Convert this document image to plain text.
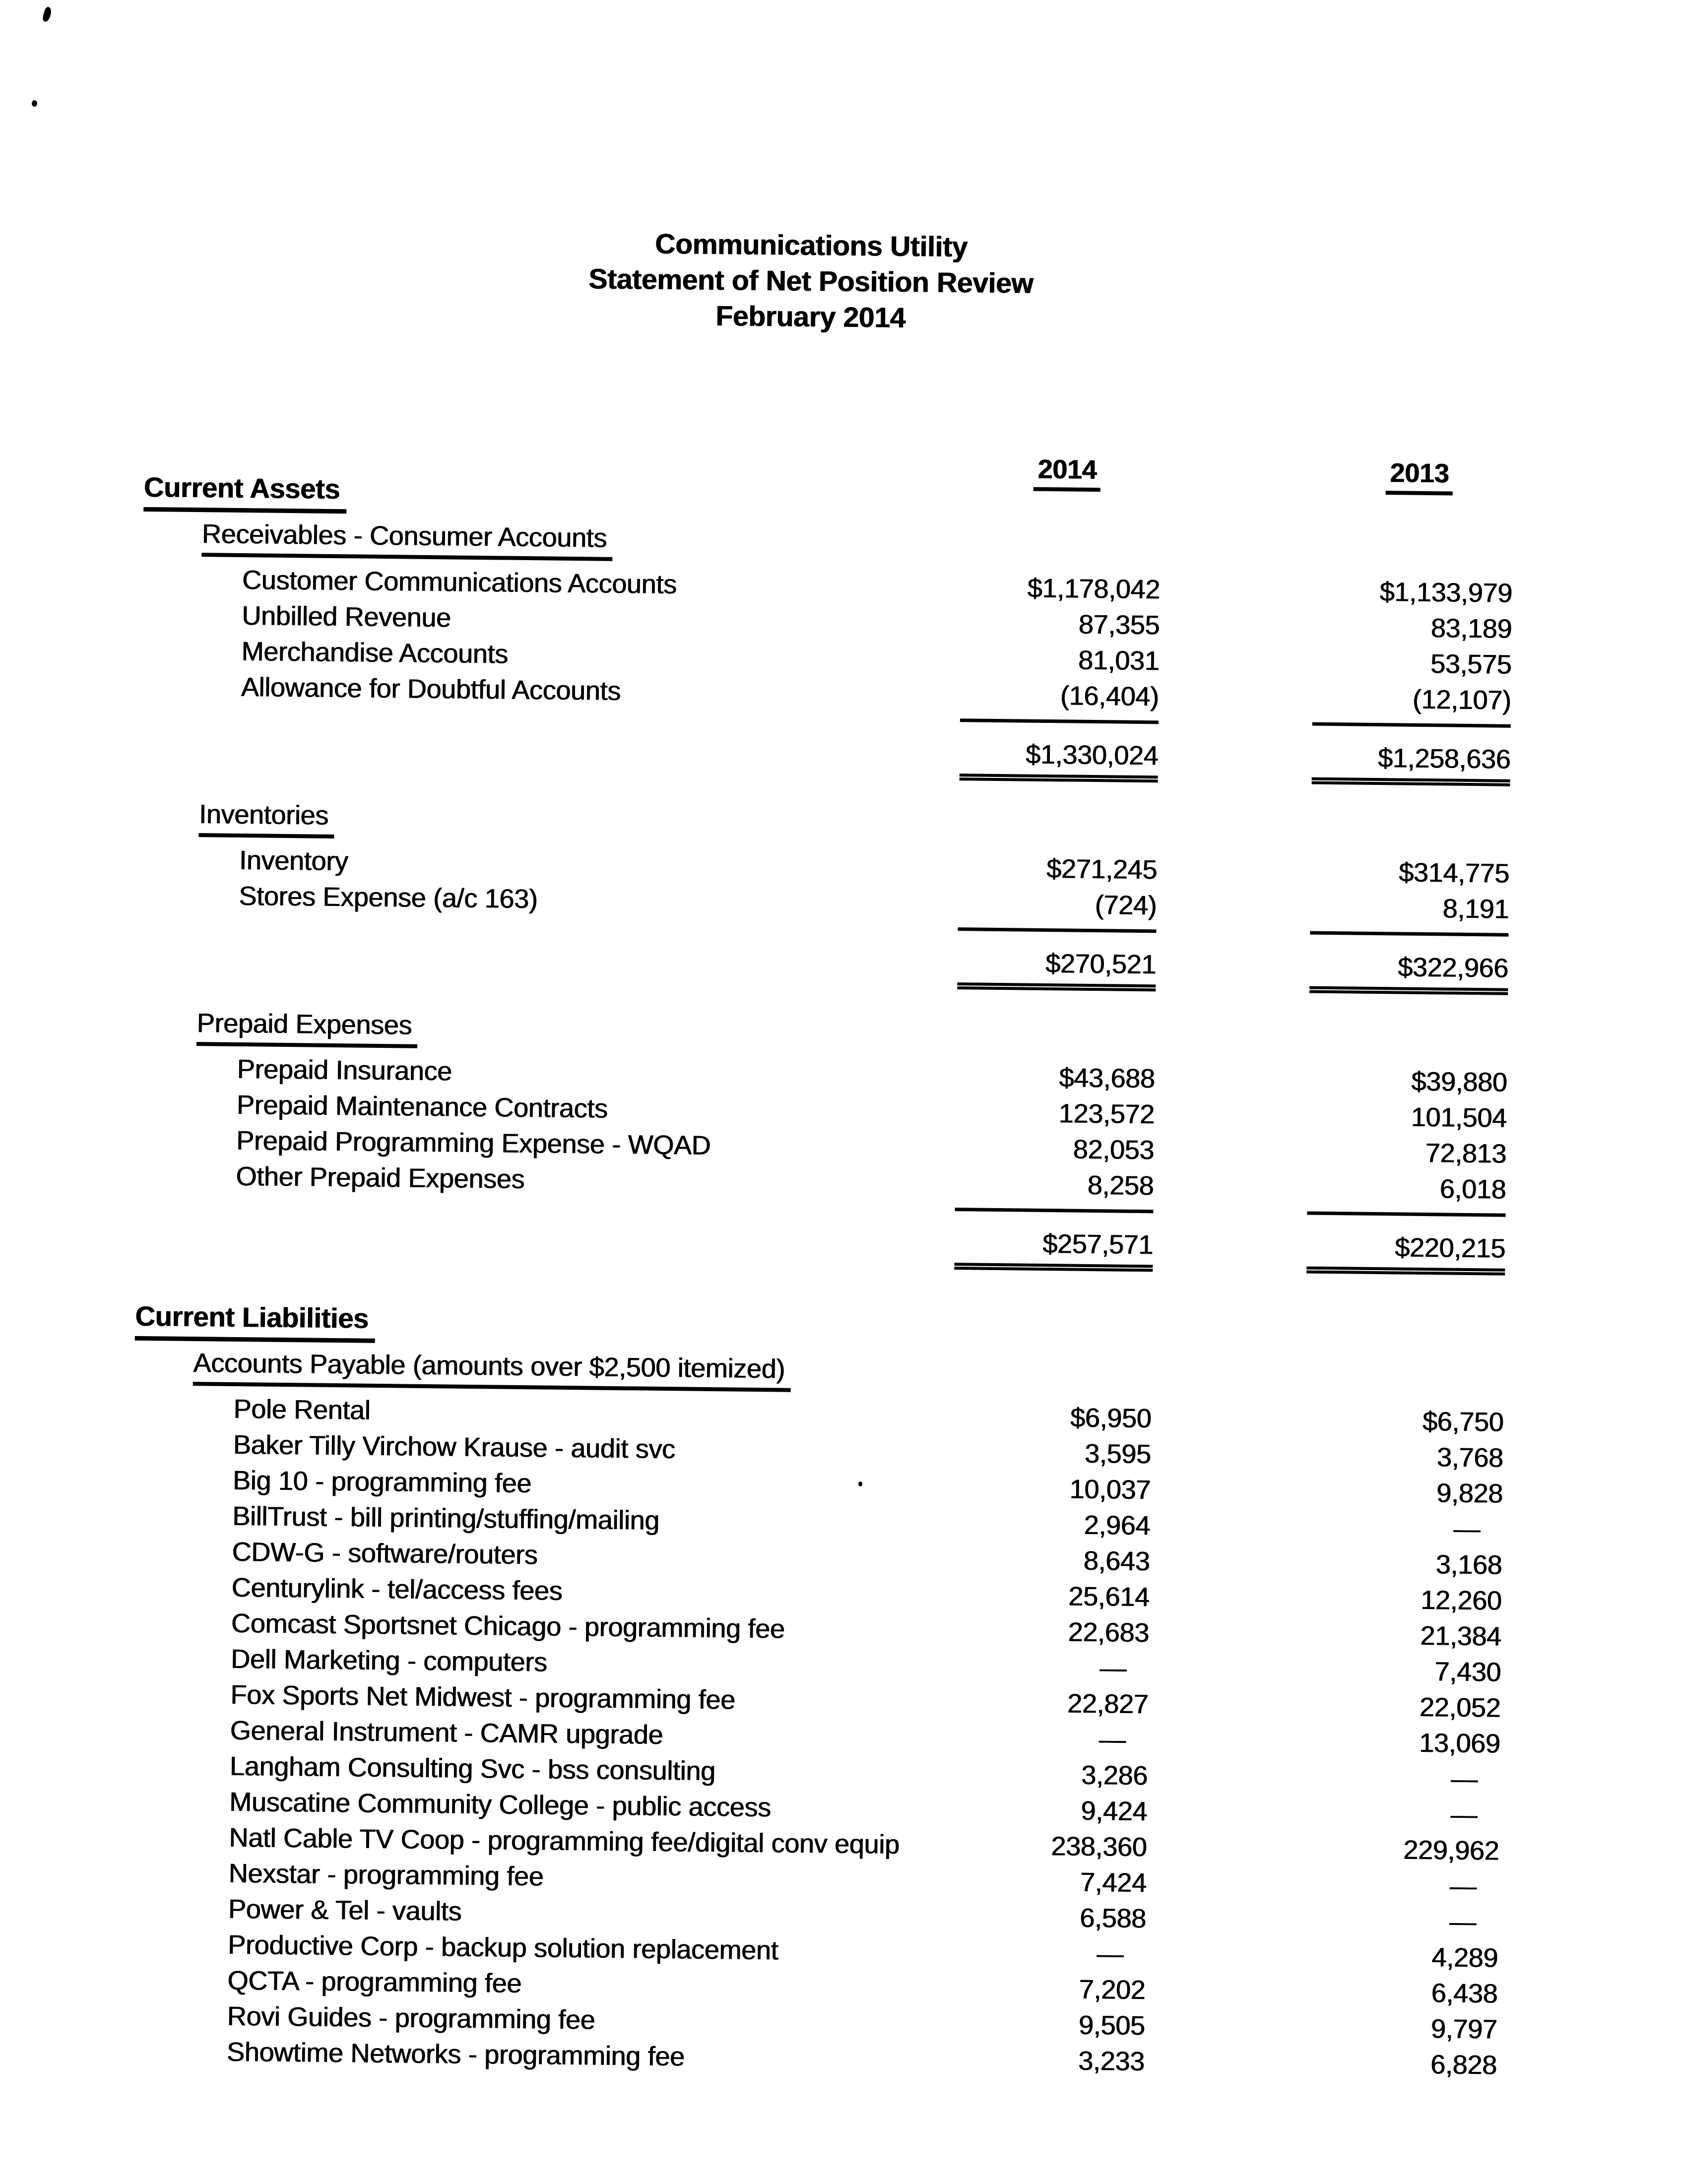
Communications Utility
Statement of Net Position Review
February 2014
2014	2013
Current Assets
Receivables - Consumer Accounts
Customer Communications Accounts	$1,178,042	$1,133,979
Unbilled Revenue	87,355	83,189
Merchandise Accounts	81,031	53,575
Allowance for Doubtful Accounts	(16,404)	(12,107)
$1,330,024	$1,258,636
Inventories
Inventory	$271,245	$314,775
Stores Expense (a/c 163)	(724)	8,191
$270,521	$322,966
Prepaid Expenses
Prepaid Insurance	$43,688	$39,880
Prepaid Maintenance Contracts	123,572	101,504
Prepaid Programming Expense - WQAD	82,053	72,813
Other Prepaid Expenses	8,258	6,018
$257,571	$220,215
Current Liabilities
Accounts Payable (amounts over $2,500 itemized)
Pole Rental	$6,950	$6,750
Baker Tilly Virchow Krause - audit svc	3,595	3,768
Big 10 - programming fee	10,037	9,828
BillTrust - bill printing/stuffing/mailing	2,964	—
CDW-G - software/routers	8,643	3,168
Centurylink - tel/access fees	25,614	12,260
Comcast Sportsnet Chicago - programming fee	22,683	21,384
Dell Marketing - computers	—	7,430
Fox Sports Net Midwest - programming fee	22,827	22,052
General Instrument - CAMR upgrade	—	13,069
Langham Consulting Svc - bss consulting	3,286	—
Muscatine Community College - public access	9,424	—
Natl Cable TV Coop - programming fee/digital conv equip	238,360	229,962
Nexstar - programming fee	7,424	—
Power & Tel - vaults	6,588	—
Productive Corp - backup solution replacement	—	4,289
QCTA - programming fee	7,202	6,438
Rovi Guides - programming fee	9,505	9,797
Showtime Networks - programming fee	3,233	6,828
